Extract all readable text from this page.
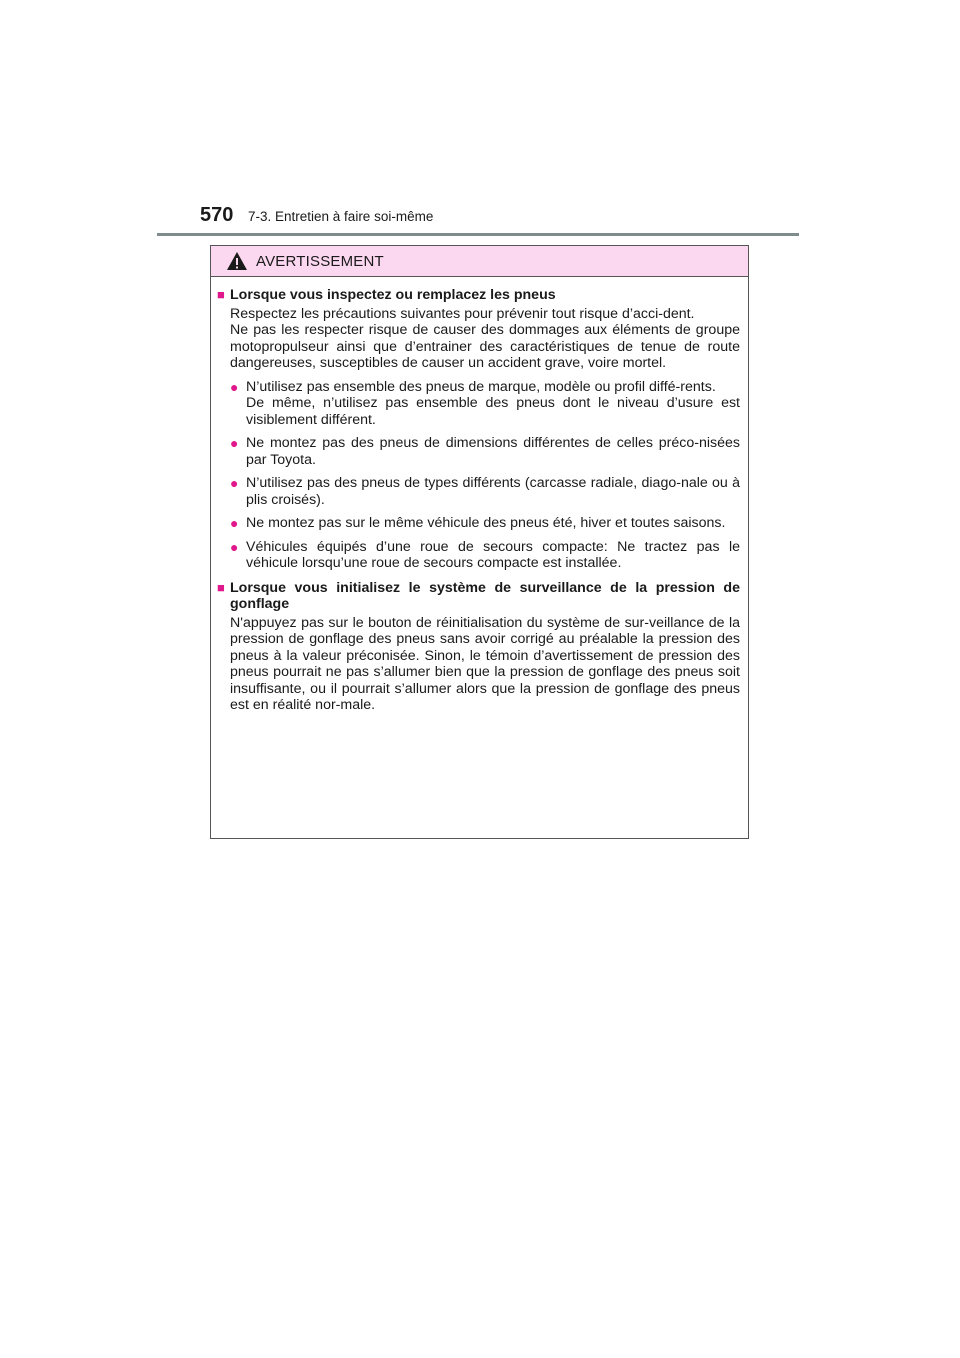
570 7-3. Entretien à faire soi-même
AVERTISSEMENT
■ Lorsque vous inspectez ou remplacez les pneus
Respectez les précautions suivantes pour prévenir tout risque d’acci-dent.
Ne pas les respecter risque de causer des dommages aux éléments de groupe motopropulseur ainsi que d’entrainer des caractéristiques de tenue de route dangereuses, susceptibles de causer un accident grave, voire mortel.
● N’utilisez pas ensemble des pneus de marque, modèle ou profil diffé-rents.
De même, n’utilisez pas ensemble des pneus dont le niveau d’usure est visiblement différent.
● Ne montez pas des pneus de dimensions différentes de celles préco-nisées par Toyota.
● N’utilisez pas des pneus de types différents (carcasse radiale, diago-nale ou à plis croisés).
● Ne montez pas sur le même véhicule des pneus été, hiver et toutes saisons.
● Véhicules équipés d’une roue de secours compacte: Ne tractez pas le véhicule lorsqu’une roue de secours compacte est installée.
■ Lorsque vous initialisez le système de surveillance de la pression de gonflage
N'appuyez pas sur le bouton de réinitialisation du système de sur-veillance de la pression de gonflage des pneus sans avoir corrigé au préalable la pression des pneus à la valeur préconisée. Sinon, le témoin d’avertissement de pression des pneus pourrait ne pas s’allumer bien que la pression de gonflage des pneus soit insuffisante, ou il pourrait s’allumer alors que la pression de gonflage des pneus est en réalité nor-male.
